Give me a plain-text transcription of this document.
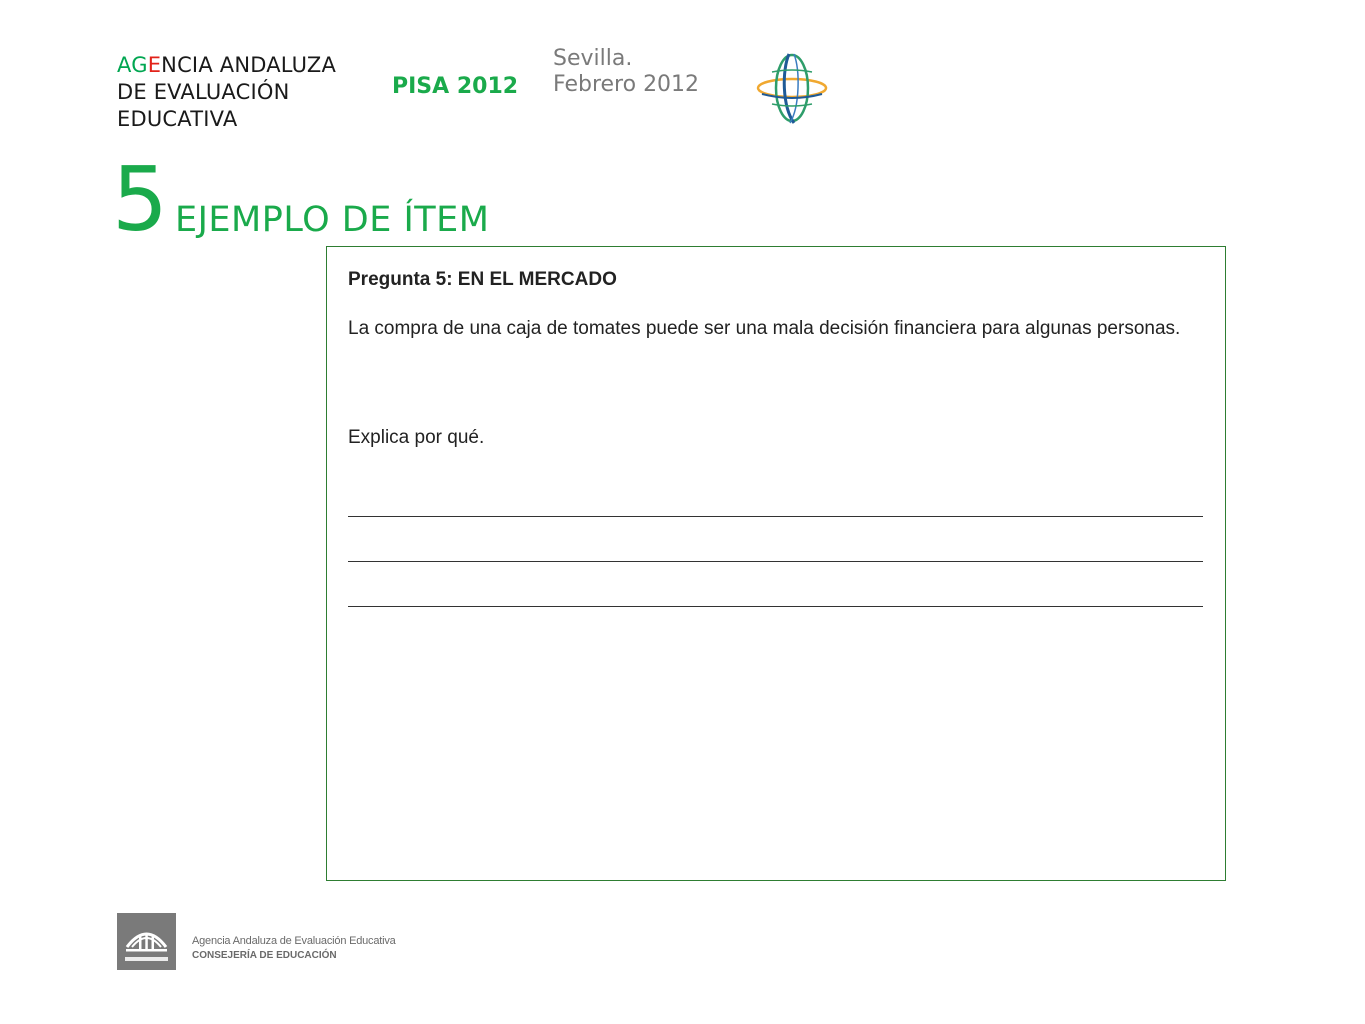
AGENCIA ANDALUZA
DE EVALUACIÓN
EDUCATIVA
PISA 2012
Sevilla.
Febrero 2012
5 EJEMPLO DE ÍTEM
Pregunta 5: EN EL MERCADO
La compra de una caja de tomates puede ser una mala decisión financiera para algunas personas.
Explica por qué.
Agencia Andaluza de Evaluación Educativa
CONSEJERÍA DE EDUCACIÓN
